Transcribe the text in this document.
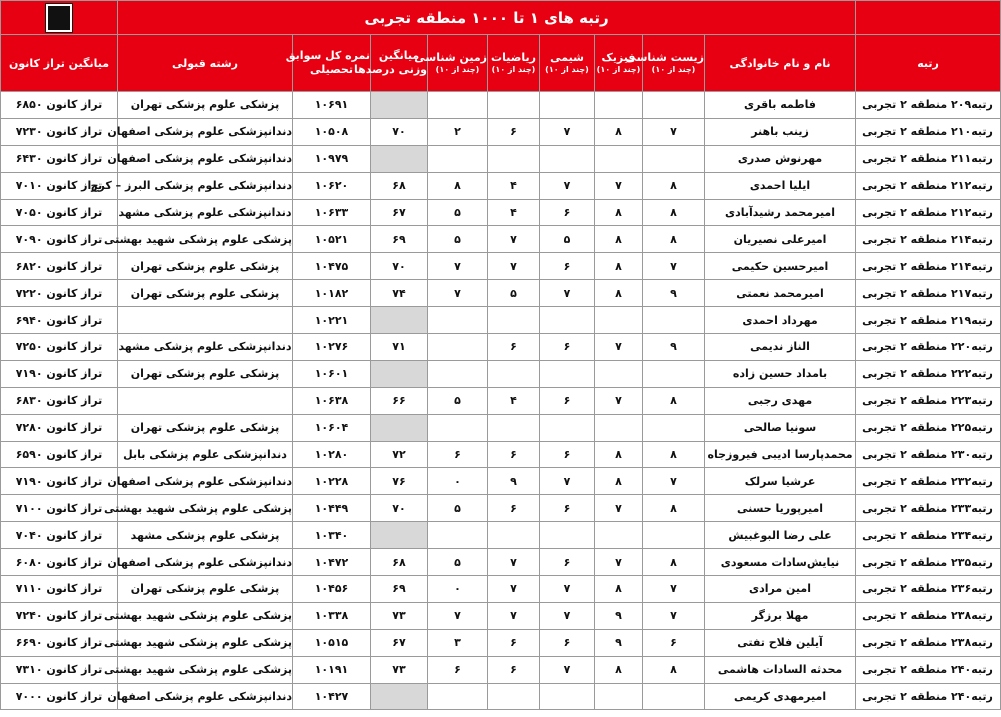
	رتبه های ۱ تا ۱۰۰۰ منطقه تجربی									
میانگین تراز کانون	رشته قبولی	نمره کل سوابق
تحصیلی	میانگین
وزنی درصدها	زمین شناسی
(چند از ۱۰)	ریاضیات
(چند از ۱۰)	شیمی
(چند از ۱۰)	فیزیک
(چند از ۱۰)	زیست شناسی
(چند از ۱۰)	نام و نام خانوادگی	رتبه
تراز کانون ۶۸۵۰	پزشکی علوم پزشکی تهران	۱۰۶۹۱							فاطمه باقری	رتبه۲۰۹ منطقه ۲ تجربی
تراز کانون ۷۲۳۰	دندانپزشکی علوم پزشکی اصفهان	۱۰۵۰۸	۷۰	۲	۶	۷	۸	۷	زینب باهنر	رتبه۲۱۰ منطقه ۲ تجربی
تراز کانون ۶۴۳۰	دندانپزشکی علوم پزشکی اصفهان	۱۰۹۷۹							مهرنوش صدری	رتبه۲۱۱ منطقه ۲ تجربی
تراز کانون ۷۰۱۰	دندانپزشکی علوم پزشکی البرز – کرج	۱۰۶۲۰	۶۸	۸	۴	۷	۷	۸	ایلیا احمدی	رتبه۲۱۲ منطقه ۲ تجربی
تراز کانون ۷۰۵۰	دندانپزشکی علوم پزشکی مشهد	۱۰۶۳۳	۶۷	۵	۴	۶	۸	۸	امیرمحمد رشیدآبادی	رتبه۲۱۲ منطقه ۲ تجربی
تراز کانون ۷۰۹۰	پزشکی علوم پزشکی شهید بهشتی	۱۰۵۲۱	۶۹	۵	۷	۵	۸	۸	امیرعلی نصیریان	رتبه۲۱۴ منطقه ۲ تجربی
تراز کانون ۶۸۲۰	پزشکی علوم پزشکی تهران	۱۰۴۷۵	۷۰	۷	۷	۶	۸	۷	امیرحسین حکیمی	رتبه۲۱۴ منطقه ۲ تجربی
تراز کانون ۷۲۲۰	پزشکی علوم پزشکی تهران	۱۰۱۸۲	۷۴	۷	۵	۷	۸	۹	امیرمحمد نعمتی	رتبه۲۱۷ منطقه ۲ تجربی
تراز کانون ۶۹۴۰		۱۰۲۲۱							مهرداد احمدی	رتبه۲۱۹ منطقه ۲ تجربی
تراز کانون ۷۲۵۰	دندانپزشکی علوم پزشکی مشهد	۱۰۲۷۶	۷۱		۶	۶	۷	۹	الناز ندیمی	رتبه۲۲۰ منطقه ۲ تجربی
تراز کانون ۷۱۹۰	پزشکی علوم پزشکی تهران	۱۰۶۰۱							بامداد حسین زاده	رتبه۲۲۲ منطقه ۲ تجربی
تراز کانون ۶۸۳۰		۱۰۶۳۸	۶۶	۵	۴	۶	۷	۸	مهدی رجبی	رتبه۲۲۳ منطقه ۲ تجربی
تراز کانون ۷۲۸۰	پزشکی علوم پزشکی تهران	۱۰۶۰۴							سونیا صالحی	رتبه۲۲۵ منطقه ۲ تجربی
تراز کانون ۶۵۹۰	دندانپزشکی علوم پزشکی بابل	۱۰۲۸۰	۷۲	۶	۶	۶	۸	۸	محمدپارسا ادیبی فیروزجاه	رتبه۲۳۰ منطقه ۲ تجربی
تراز کانون ۷۱۹۰	دندانپزشکی علوم پزشکی اصفهان	۱۰۲۲۸	۷۶	۰	۹	۷	۸	۷	عرشیا سرلک	رتبه۲۳۲ منطقه ۲ تجربی
تراز کانون ۷۱۰۰	پزشکی علوم پزشکی شهید بهشتی	۱۰۴۴۹	۷۰	۵	۶	۶	۷	۸	امیرپوریا حسنی	رتبه۲۳۳ منطقه ۲ تجربی
تراز کانون ۷۰۴۰	پزشکی علوم پزشکی مشهد	۱۰۳۴۰							علی رضا البوغبیش	رتبه۲۳۴ منطقه ۲ تجربی
تراز کانون ۶۰۸۰	دندانپزشکی علوم پزشکی اصفهان	۱۰۴۷۲	۶۸	۵	۷	۶	۷	۸	نیایش‌سادات مسعودی	رتبه۲۳۵ منطقه ۲ تجربی
تراز کانون ۷۱۱۰	پزشکی علوم پزشکی تهران	۱۰۴۵۶	۶۹	۰	۷	۷	۸	۷	امین مرادی	رتبه۲۳۶ منطقه ۲ تجربی
تراز کانون ۷۲۴۰	پزشکی علوم پزشکی شهید بهشتی	۱۰۳۳۸	۷۳	۷	۷	۷	۹	۷	مهلا برزگر	رتبه۲۳۸ منطقه ۲ تجربی
تراز کانون ۶۶۹۰	پزشکی علوم پزشکی شهید بهشتی	۱۰۵۱۵	۶۷	۳	۶	۶	۹	۶	آیلین فلاح تفتی	رتبه۲۳۸ منطقه ۲ تجربی
تراز کانون ۷۳۱۰	پزشکی علوم پزشکی شهید بهشتی	۱۰۱۹۱	۷۳	۶	۶	۷	۸	۸	محدثه السادات هاشمی	رتبه۲۴۰ منطقه ۲ تجربی
تراز کانون ۷۰۰۰	دندانپزشکی علوم پزشکی اصفهان	۱۰۴۲۷							امیرمهدی کریمی	رتبه۲۴۰ منطقه ۲ تجربی
